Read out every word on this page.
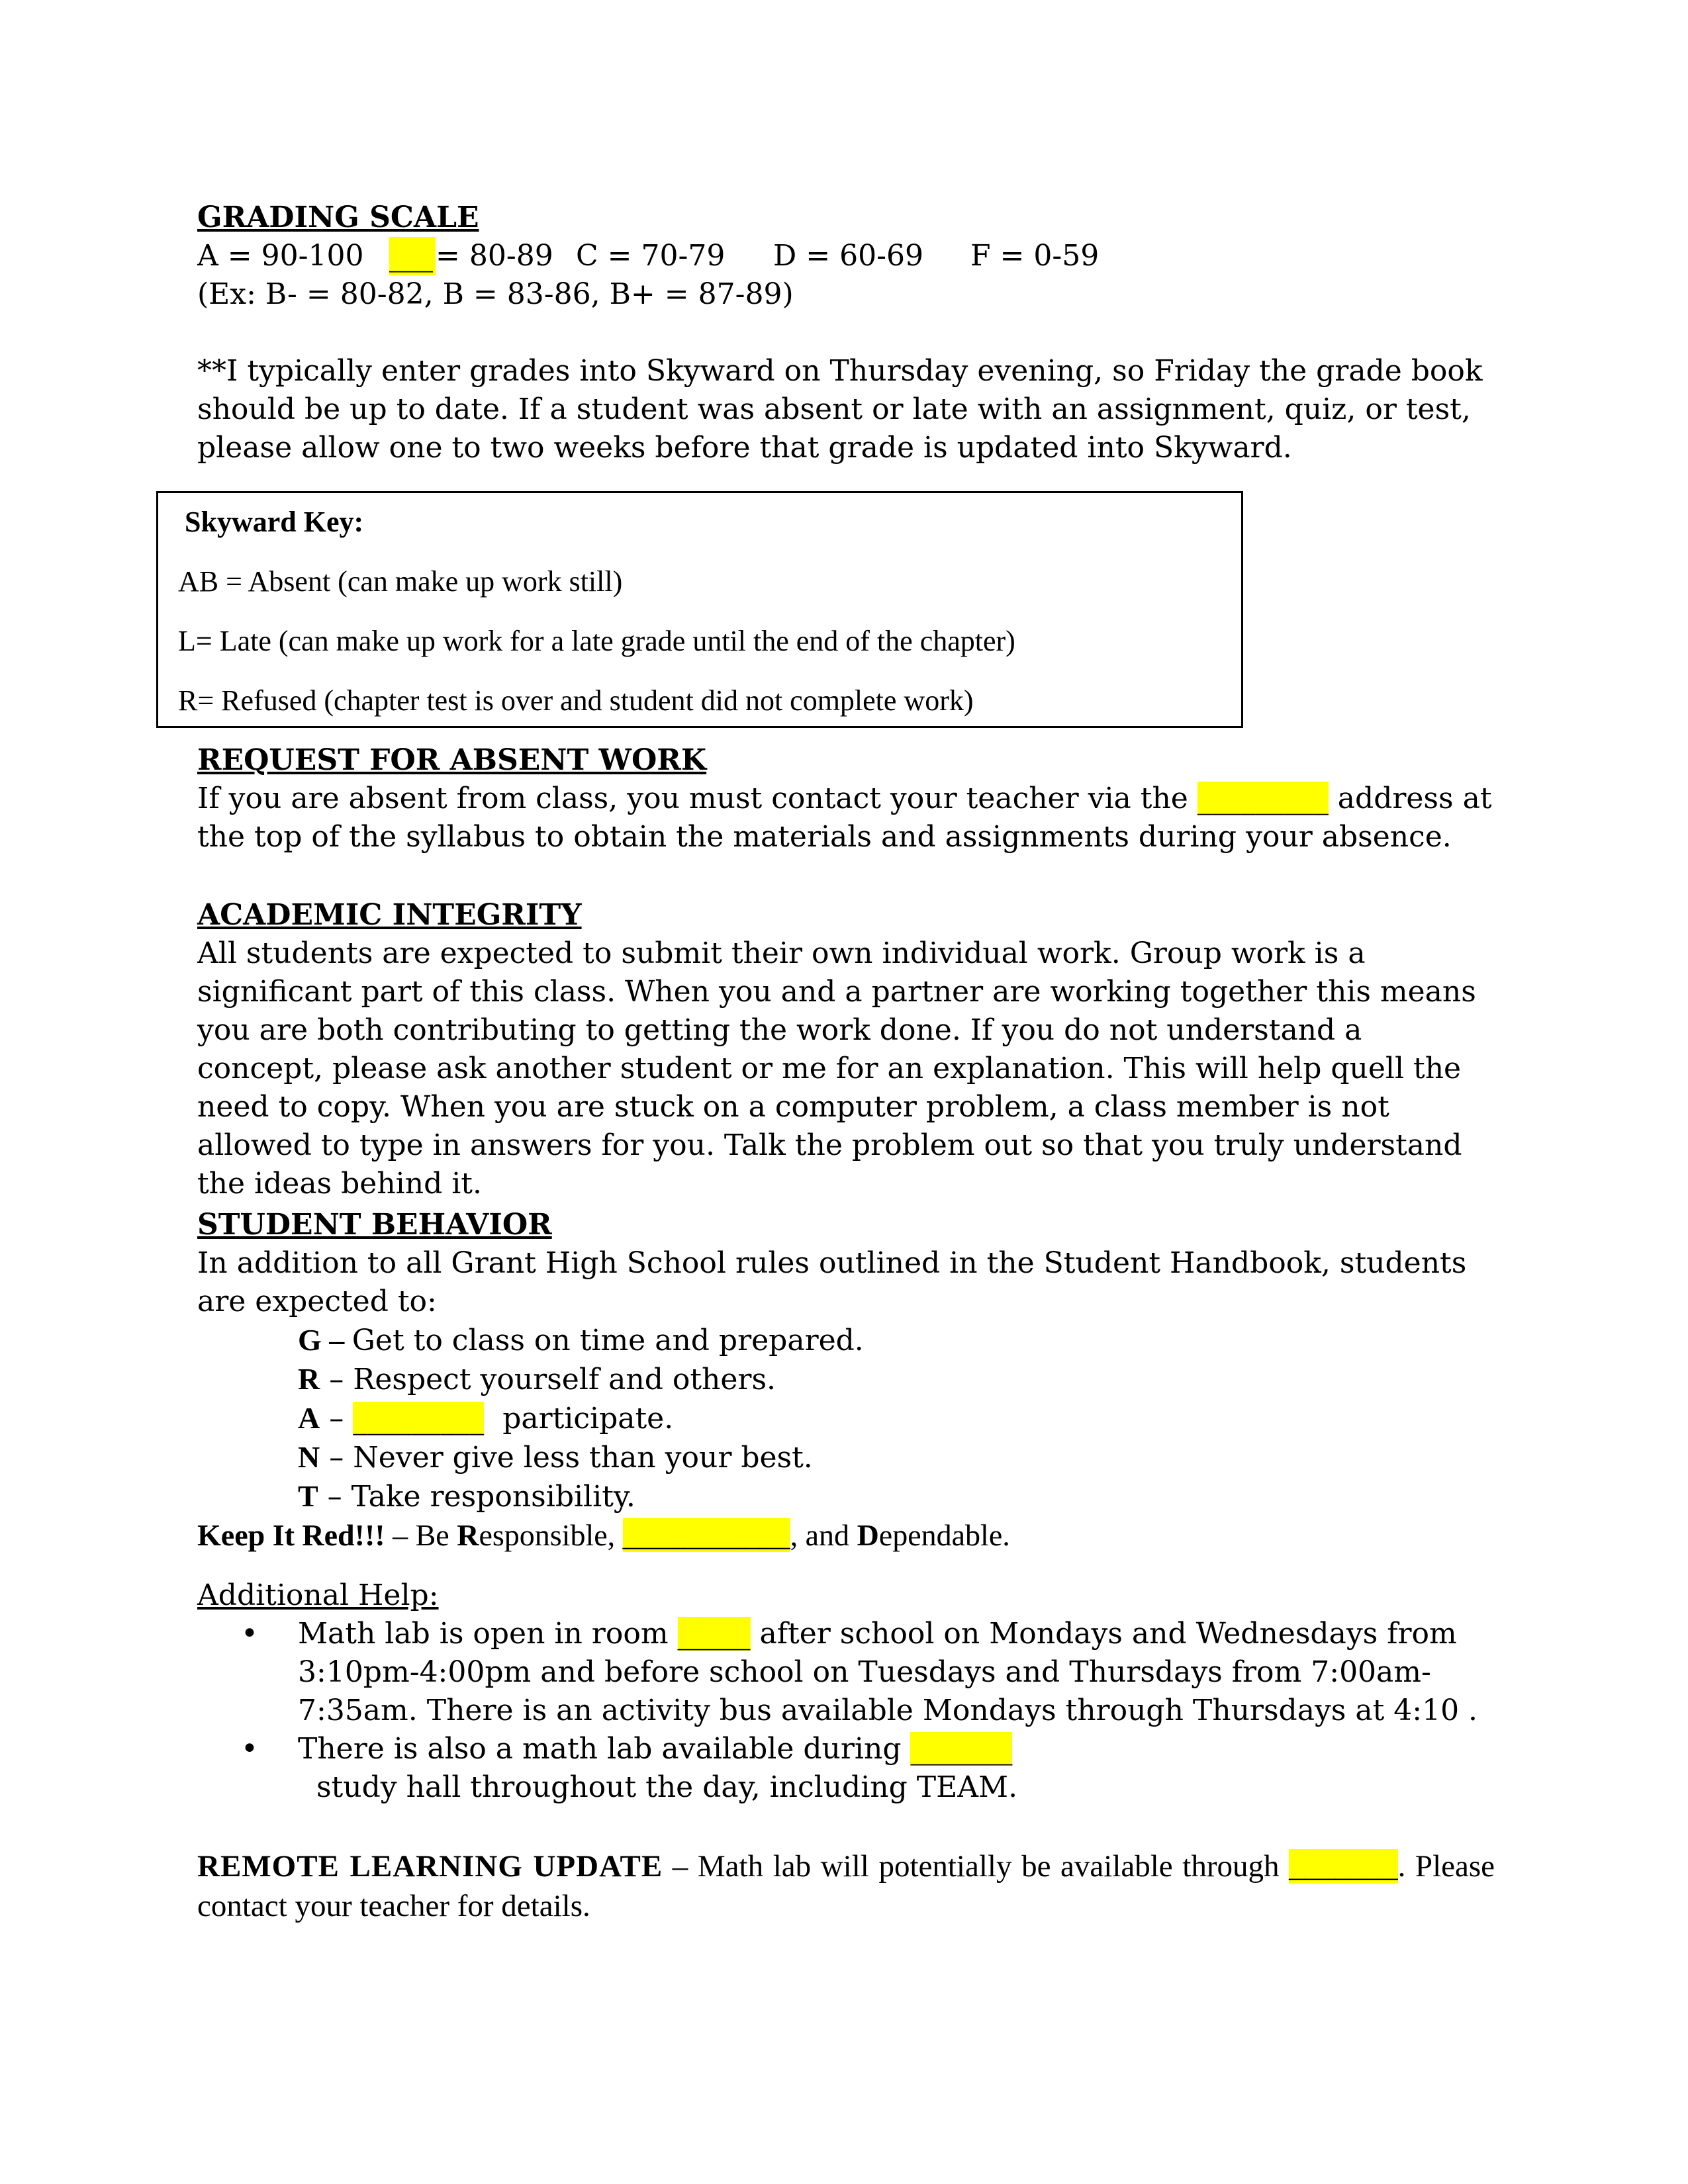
GRADING SCALE

A = 90-100 ___ = 80-89 C = 70-79	D = 60-69	F = 0-59

(Ex: B- = 80-82, B = 83-86, B+ = 87-89)

**I typically enter grades into Skyward on Thursday evening, so Friday the grade book should be up to date. If a student was absent or late with an assignment, quiz, or test, please allow one to two weeks before that grade is updated into Skyward.

Skyward Key:
AB = Absent (can make up work still)
L= Late (can make up work for a late grade until the end of the chapter)
R= Refused (chapter test is over and student did not complete work)

REQUEST FOR ABSENT WORK

If you are absent from class, you must contact your teacher via the _________ address at the top of the syllabus to obtain the materials and assignments during your absence.

ACADEMIC INTEGRITY

All students are expected to submit their own individual work. Group work is a significant part of this class. When you and a partner are working together this means you are both contributing to getting the work done. If you do not understand a concept, please ask another student or me for an explanation. This will help quell the need to copy. When you are stuck on a computer problem, a class member is not allowed to type in answers for you. Talk the problem out so that you truly understand the ideas behind it.

STUDENT BEHAVIOR

In addition to all Grant High School rules outlined in the Student Handbook, students are expected to:

G – Get to class on time and prepared.

R – Respect yourself and others.

A – _________  participate.

N – Never give less than your best.

T – Take responsibility.

Keep It Red!!! – Be Responsible, ___________, and Dependable.

Additional Help:

• Math lab is open in room _____ after school on Mondays and Wednesdays from 3:10pm-4:00pm and before school on Tuesdays and Thursdays from 7:00am-7:35am. There is an activity bus available Mondays through Thursdays at 4:10 .
• There is also a math lab available during _______  study hall throughout the day, including TEAM.

REMOTE LEARNING UPDATE – Math lab will potentially be available through _______. Please contact your teacher for details.
